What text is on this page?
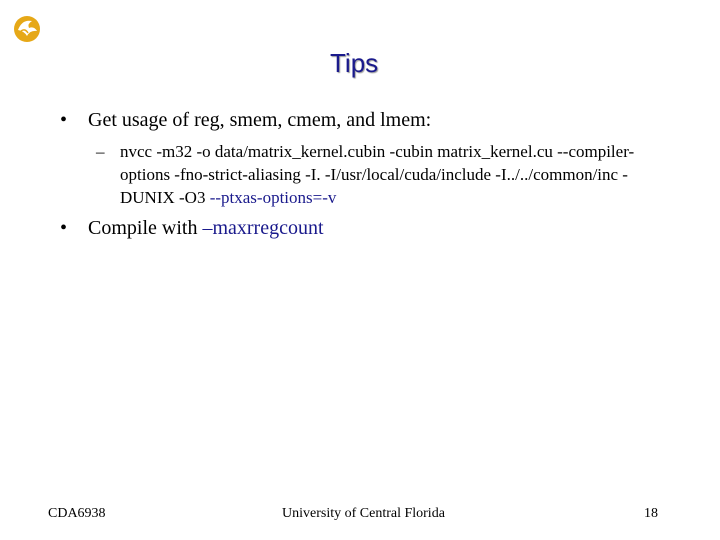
Tips
• Get usage of reg, smem, cmem, and lmem:
– nvcc -m32 -o data/matrix_kernel.cubin -cubin matrix_kernel.cu --compiler-options -fno-strict-aliasing -I. -I/usr/local/cuda/include -I../../common/inc -DUNIX -O3 --ptxas-options=-v
• Compile with –maxrregcount
CDA6938	University of Central Florida	18
